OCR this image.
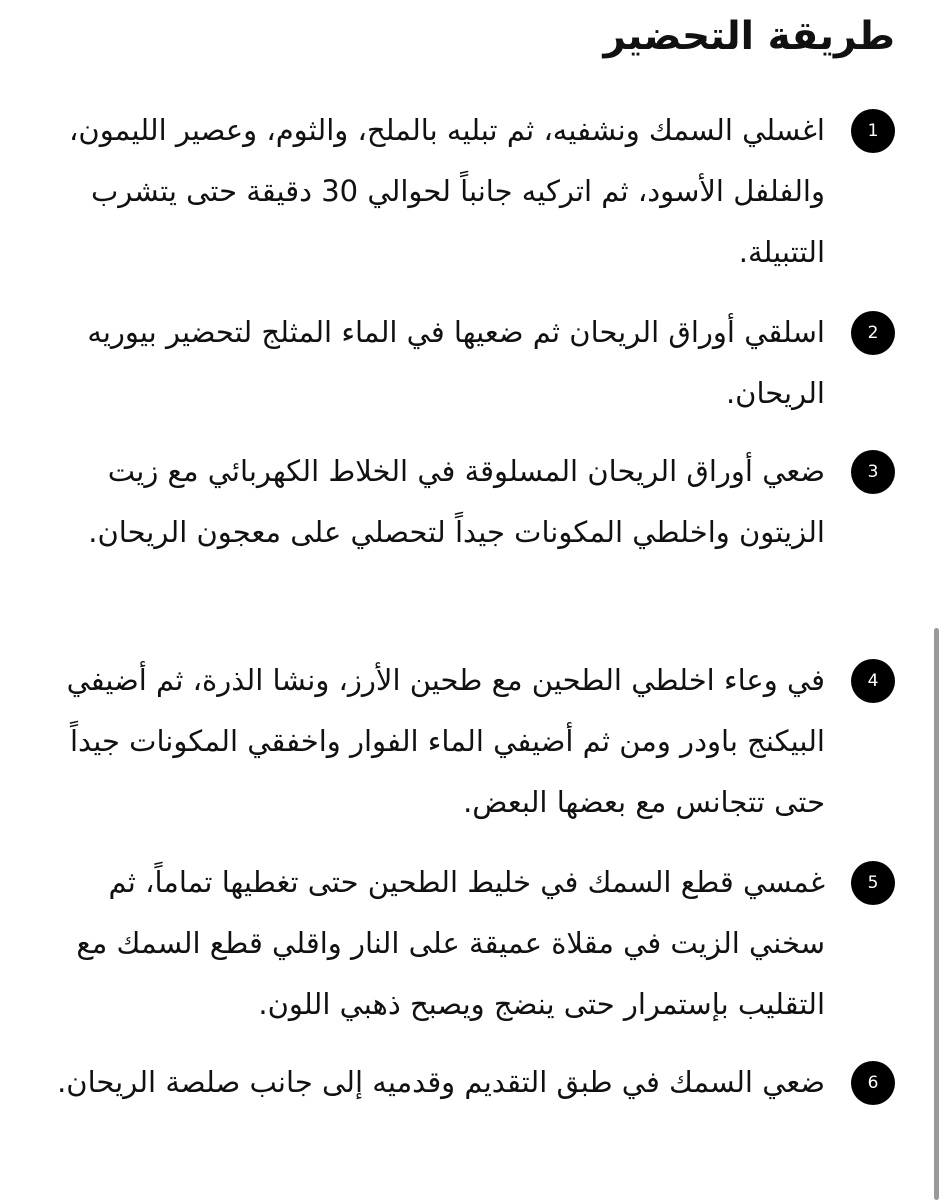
طريقة التحضير
1

اغسلي السمك ونشفيه، ثم تبليه بالملح، والثوم، وعصير الليمون، والفلفل الأسود، ثم اتركيه جانباً لحوالي 30 دقيقة حتى يتشرب التتبيلة.

2

اسلقي أوراق الريحان ثم ضعيها في الماء المثلج لتحضير بيوريه الريحان.

3

ضعي أوراق الريحان المسلوقة في الخلاط الكهربائي مع زيت الزيتون واخلطي المكونات جيداً لتحصلي على معجون الريحان.

4

في وعاء اخلطي الطحين مع طحين الأرز، ونشا الذرة، ثم أضيفي البيكنج باودر ومن ثم أضيفي الماء الفوار واخفقي المكونات جيداً حتى تتجانس مع بعضها البعض.

5

غمسي قطع السمك في خليط الطحين حتى تغطيها تماماً، ثم سخني الزيت في مقلاة عميقة على النار واقلي قطع السمك مع التقليب بإستمرار حتى ينضج ويصبح ذهبي اللون.

6

ضعي السمك في طبق التقديم وقدميه إلى جانب صلصة الريحان.
